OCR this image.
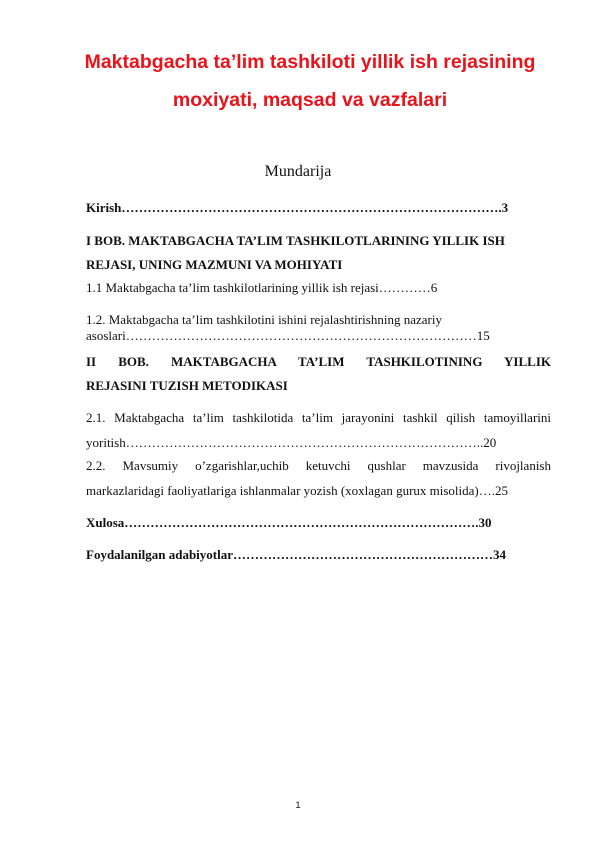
Maktabgacha ta’lim tashkiloti yillik ish rejasining
moxiyati, maqsad va vazfalari
Mundarija
Kirish…………………………………………………………………………….3
I BOB. MAKTABGACHA TA’LIM TASHKILOTLARINING YILLIK ISH
REJASI, UNING MAZMUNI VA MOHIYATI
1.1 Maktabgacha ta’lim tashkilotlarining yillik ish rejasi…………6
1.2. Maktabgacha ta’lim tashkilotini ishini rejalashtirishning nazariy
asoslari………………………………………………………………………15
II BOB. MAKTABGACHA TA’LIM TASHKILOTINING YILLIK
REJASINI TUZISH METODIKASI
2.1. Maktabgacha ta’lim tashkilotida ta’lim jarayonini tashkil qilish tamoyillarini
yoritish………………………………………………………………………..20
2.2. Mavsumiy o’zgarishlar,uchib ketuvchi qushlar mavzusida rivojlanish
markazlaridagi faoliyatlariga ishlanmalar yozish (xoxlagan gurux misolida)….25
Xulosa……………………………………………………………………….30
Foydalanilgan adabiyotlar……………………………………………………34
1
